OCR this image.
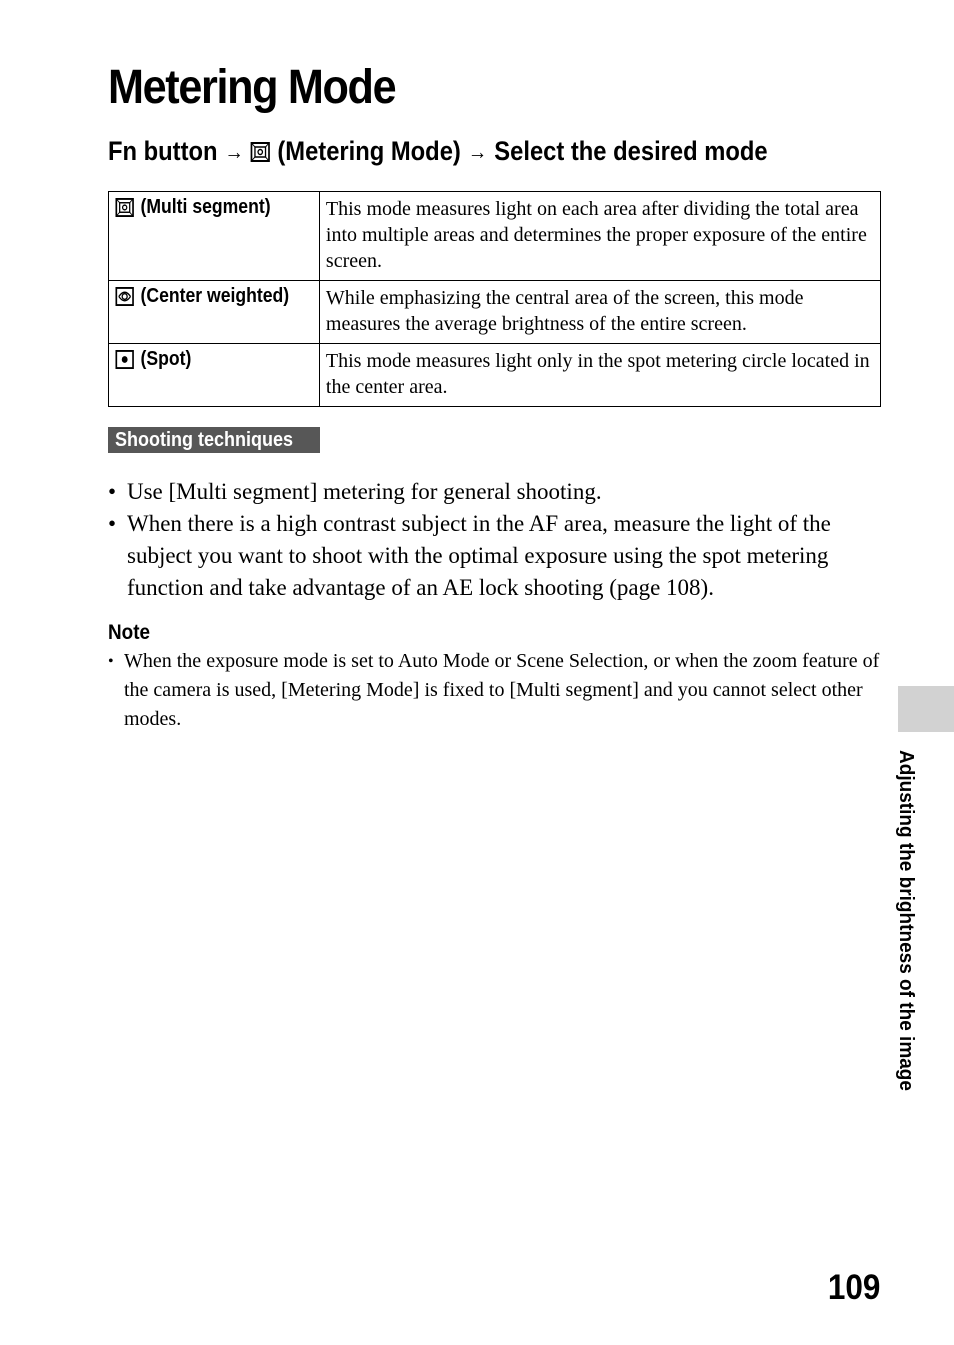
Metering Mode
Fn button → (Metering Mode) → Select the desired mode
(Multi segment)	This mode measures light on each area after dividing the total area into multiple areas and determines the proper exposure of the entire screen.

(Center weighted)	While emphasizing the central area of the screen, this mode measures the average brightness of the entire screen.

(Spot)	This mode measures light only in the spot metering circle located in the center area.
Shooting techniques
• Use [Multi segment] metering for general shooting.
• When there is a high contrast subject in the AF area, measure the light of the subject you want to shoot with the optimal exposure using the spot metering function and take advantage of an AE lock shooting (page 108).
Note
• When the exposure mode is set to Auto Mode or Scene Selection, or when the zoom feature of the camera is used, [Metering Mode] is fixed to [Multi segment] and you cannot select other modes.
Adjusting the brightness of the image
109
